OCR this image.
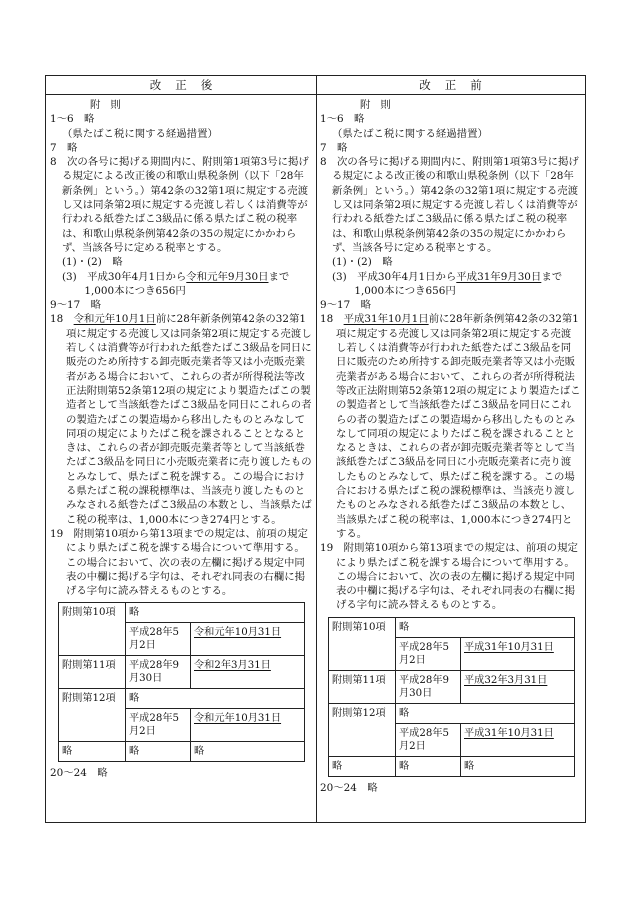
改正後
附則
1〜6　略
（県たばこ税に関する経過措置）
7　略
8　次の各号に掲げる期間内に、附則第1項第3号に掲げる規定による改正後の和歌山県税条例（以下「28年新条例」という。）第42条の32第1項に規定する売渡し又は同条第2項に規定する売渡し若しくは消費等が行われる紙巻たばこ3級品に係る県たばこ税の税率は、和歌山県税条例第42条の35の規定にかかわらず、当該各号に定める税率とする。
(1)・(2)　略
(3)　平成30年4月1日から令和元年9月30日まで
　1,000本につき656円
9〜17　略
18　令和元年10月1日前に28年新条例第42条の32第1項に規定する売渡し又は同条第2項に規定する売渡し若しくは消費等が行われた紙巻たばこ3級品を同日に販売のため所持する卸売販売業者等又は小売販売業者がある場合において、これらの者が所得税法等改正法附則第52条第12項の規定により製造たばこの製造者として当該紙巻たばこ3級品を同日にこれらの者の製造たばこの製造場から移出したものとみなして同項の規定によりたばこ税を課されることとなるときは、これらの者が卸売販売業者等として当該紙巻たばこ3級品を同日に小売販売業者に売り渡したものとみなして、県たばこ税を課する。この場合における県たばこ税の課税標準は、当該売り渡したものとみなされる紙巻たばこ3級品の本数とし、当該県たばこ税の税率は、1,000本につき274円とする。
19　附則第10項から第13項までの規定は、前項の規定により県たばこ税を課する場合について準用する。この場合において、次の表の左欄に掲げる規定中同表の中欄に掲げる字句は、それぞれ同表の右欄に掲げる字句に読み替えるものとする。
附則第10項	略	
	平成28年5月2日	令和元年10月31日
附則第11項	平成28年9月30日	令和2年3月31日
附則第12項	略	
	平成28年5月2日	令和元年10月31日
略	略	略
20〜24　略
改正前
附則
1〜6　略
（県たばこ税に関する経過措置）
7　略
8　次の各号に掲げる期間内に、附則第1項第3号に掲げる規定による改正後の和歌山県税条例（以下「28年新条例」という。）第42条の32第1項に規定する売渡し又は同条第2項に規定する売渡し若しくは消費等が行われる紙巻たばこ3級品に係る県たばこ税の税率は、和歌山県税条例第42条の35の規定にかかわらず、当該各号に定める税率とする。
(1)・(2)　略
(3)　平成30年4月1日から平成31年9月30日まで
　1,000本につき656円
9〜17　略
18　平成31年10月1日前に28年新条例第42条の32第1項に規定する売渡し又は同条第2項に規定する売渡し若しくは消費等が行われた紙巻たばこ3級品を同日に販売のため所持する卸売販売業者等又は小売販売業者がある場合において、これらの者が所得税法等改正法附則第52条第12項の規定により製造たばこの製造者として当該紙巻たばこ3級品を同日にこれらの者の製造たばこの製造場から移出したものとみなして同項の規定によりたばこ税を課されることとなるときは、これらの者が卸売販売業者等として当該紙巻たばこ3級品を同日に小売販売業者に売り渡したものとみなして、県たばこ税を課する。この場合における県たばこ税の課税標準は、当該売り渡したものとみなされる紙巻たばこ3級品の本数とし、当該県たばこ税の税率は、1,000本につき274円とする。
19　附則第10項から第13項までの規定は、前項の規定により県たばこ税を課する場合について準用する。この場合において、次の表の左欄に掲げる規定中同表の中欄に掲げる字句は、それぞれ同表の右欄に掲げる字句に読み替えるものとする。
附則第10項	略	
	平成28年5月2日	平成31年10月31日
附則第11項	平成28年9月30日	平成32年3月31日
附則第12項	略	
	平成28年5月2日	平成31年10月31日
略	略	略
20〜24　略
